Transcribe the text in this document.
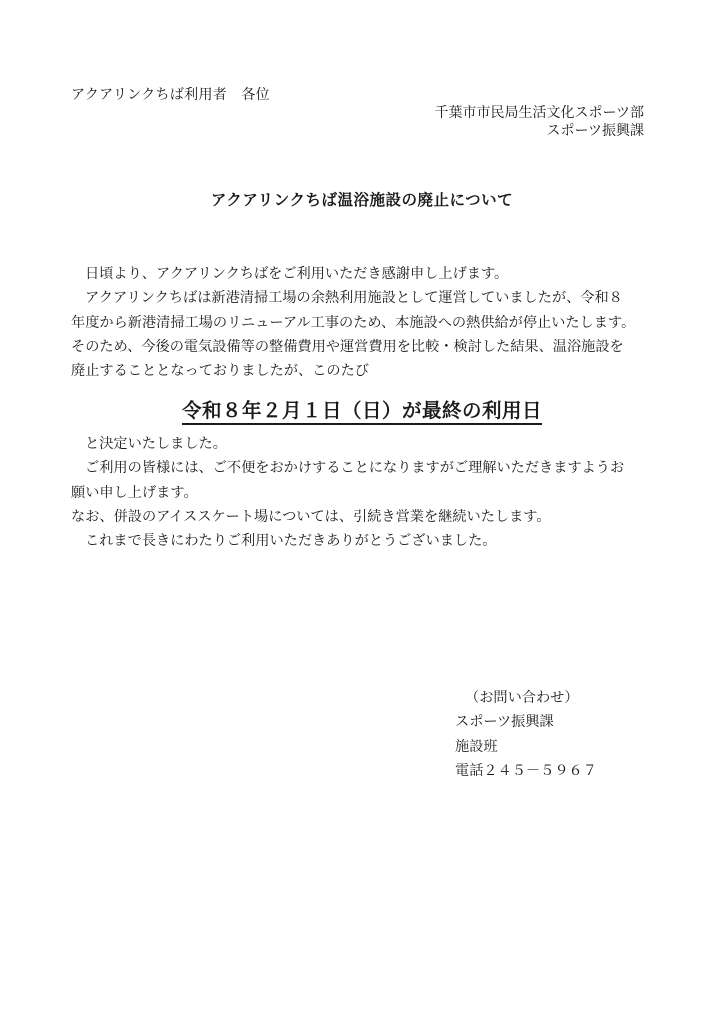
アクアリンクちば利用者　各位
千葉市市民局生活文化スポーツ部
スポーツ振興課
アクアリンクちば温浴施設の廃止について
日頃より、アクアリンクちばをご利用いただき感謝申し上げます。
アクアリンクちばは新港清掃工場の余熱利用施設として運営していましたが、令和８
年度から新港清掃工場のリニューアル工事のため、本施設への熱供給が停止いたします。
そのため、今後の電気設備等の整備費用や運営費用を比較・検討した結果、温浴施設を
廃止することとなっておりましたが、このたび
令和８年２月１日（日）が最終の利用日
と決定いたしました。
ご利用の皆様には、ご不便をおかけすることになりますがご理解いただきますようお
願い申し上げます。
なお、併設のアイススケート場については、引続き営業を継続いたします。
これまで長きにわたりご利用いただきありがとうございました。
（お問い合わせ）
スポーツ振興課
施設班
電話２４５－５９６７
